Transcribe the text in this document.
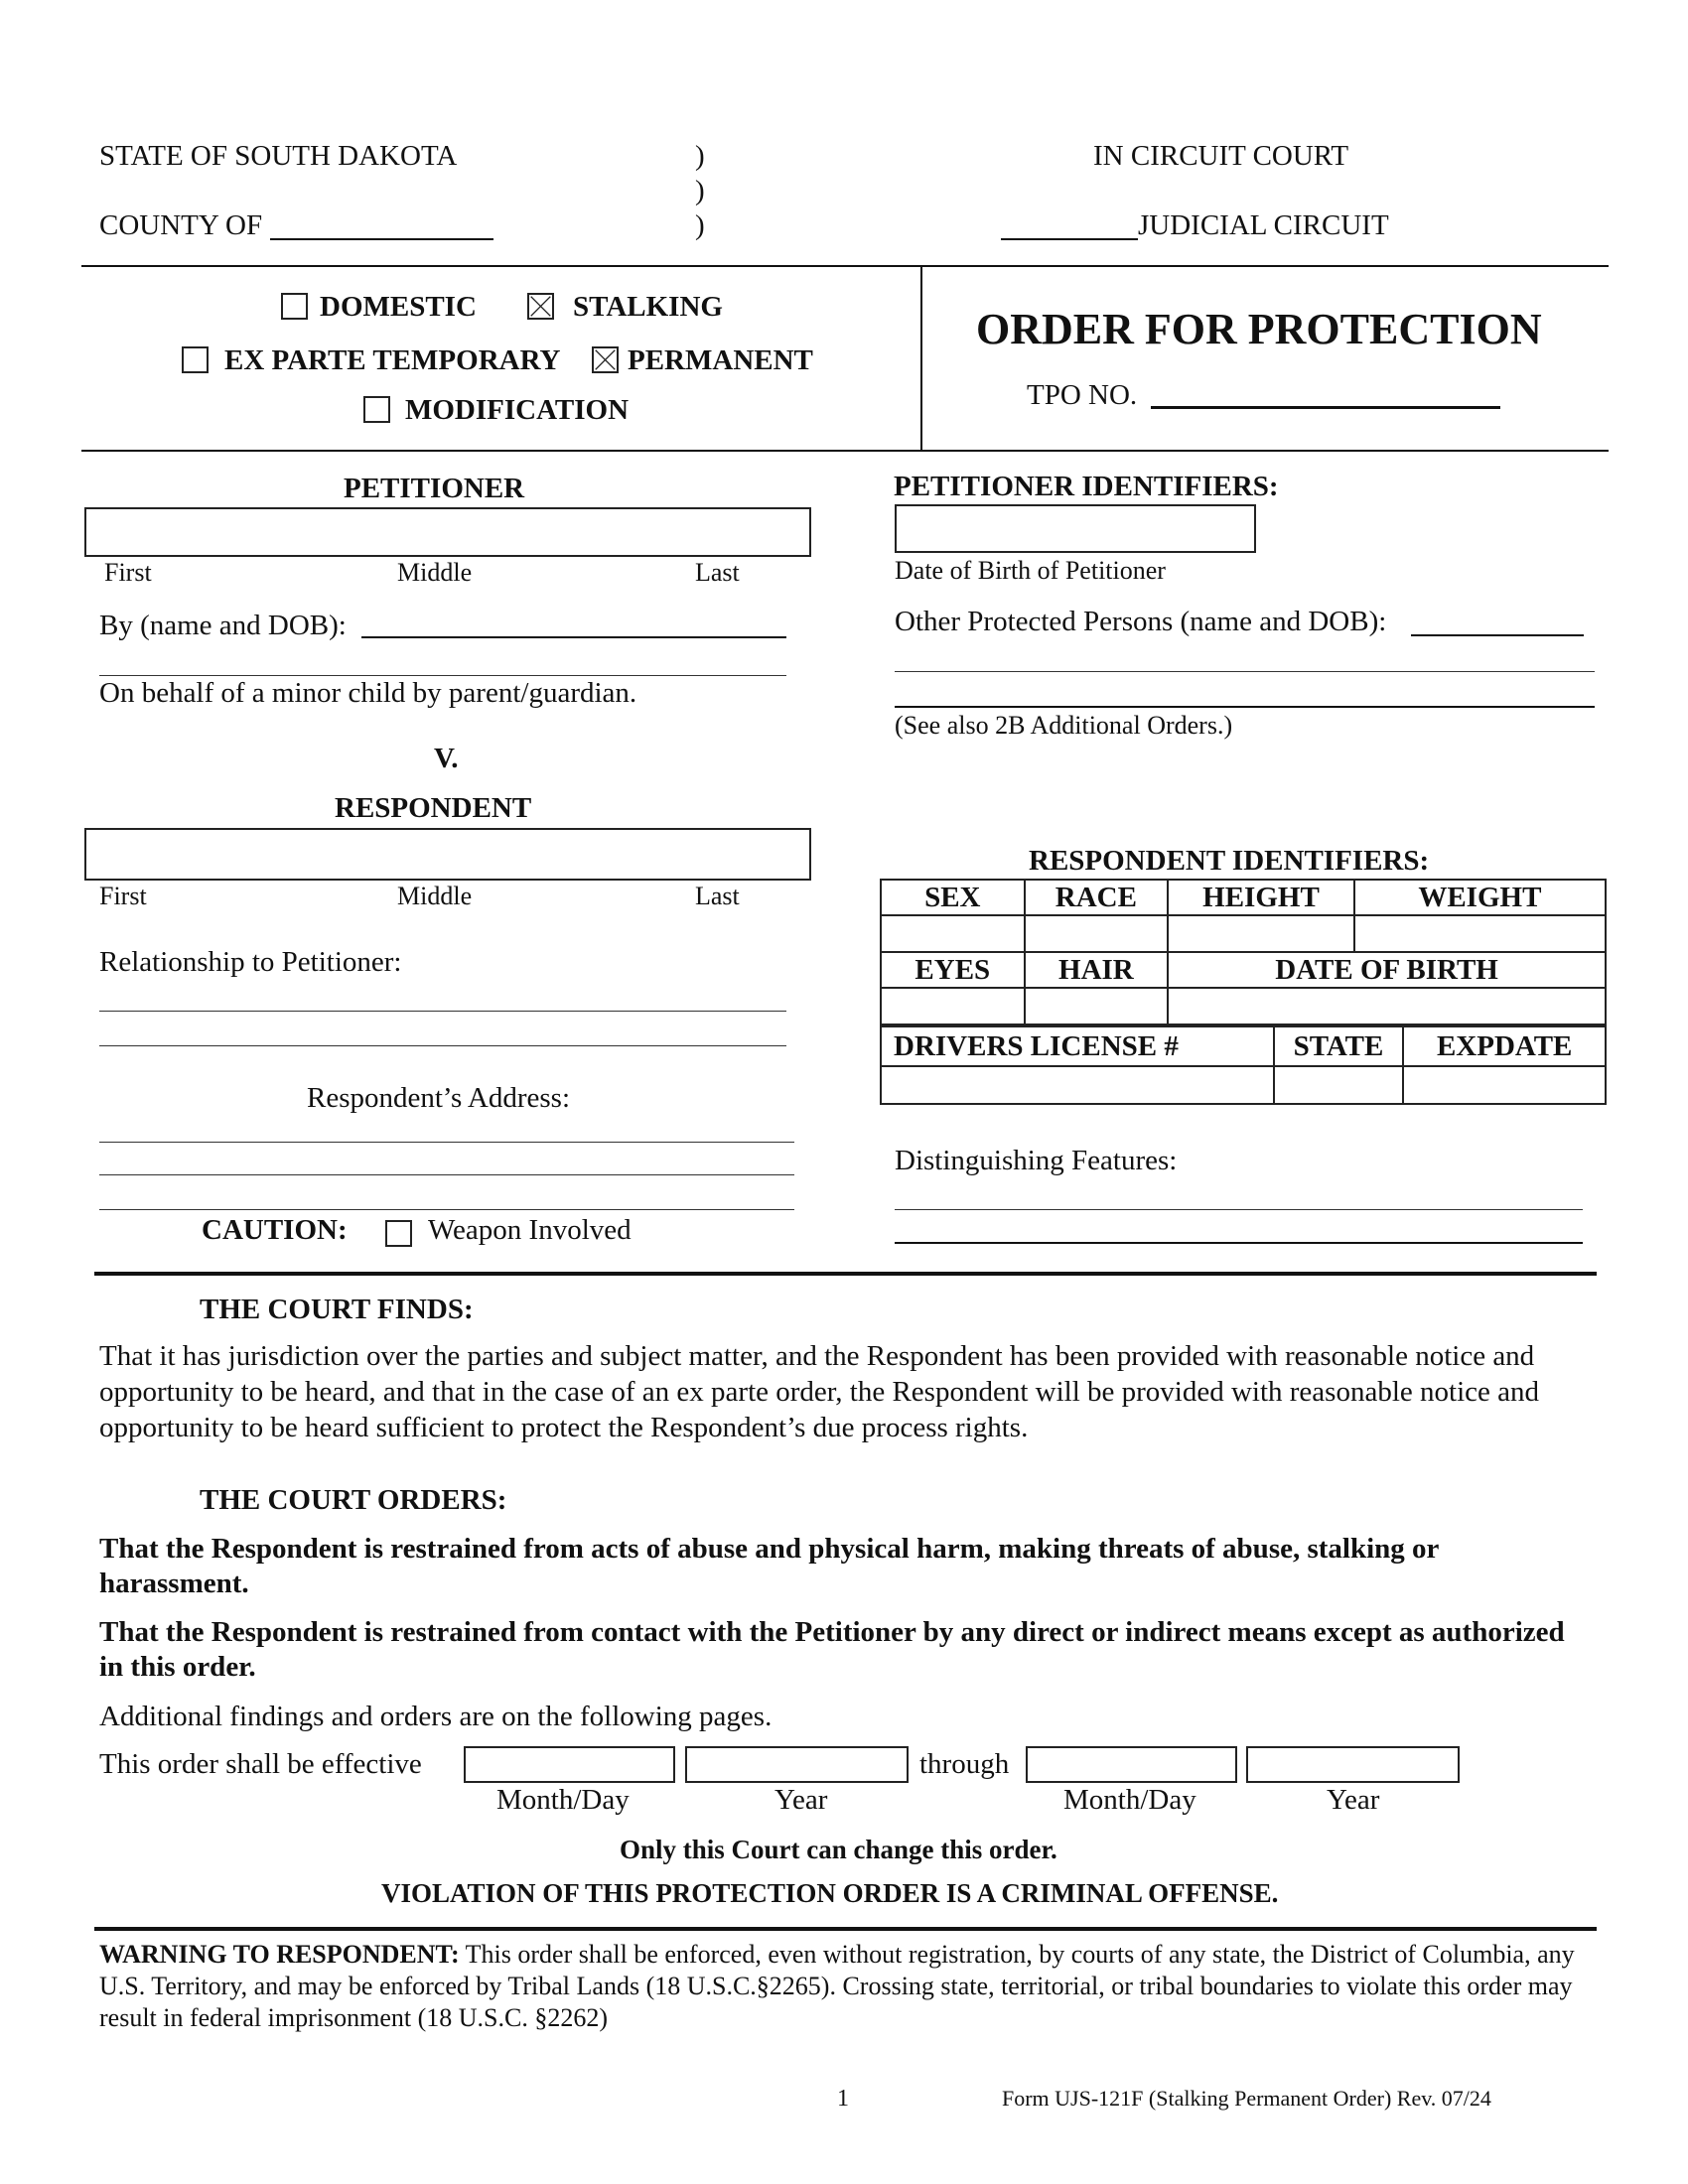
STATE OF SOUTH DAKOTA
COUNTY OF
)
)
)
IN CIRCUIT COURT
JUDICIAL CIRCUIT
DOMESTIC	STALKING
EX PARTE TEMPORARY PERMANENT
MODIFICATION
ORDER FOR PROTECTION
TPO NO.
PETITIONER
First	Middle	Last
By (name and DOB):
On behalf of a minor child by parent/guardian.
V.
RESPONDENT
First	Middle	Last
Relationship to Petitioner:
Respondent’s Address:
CAUTION:	Weapon Involved
PETITIONER IDENTIFIERS:
Date of Birth of Petitioner
Other Protected Persons (name and DOB):
(See also 2B Additional Orders.)
RESPONDENT IDENTIFIERS:
SEX	RACE	HEIGHT	WEIGHT

EYES	HAIR	DATE OF BIRTH	

DRIVERS LICENSE #	STATE	EXPDATE

Distinguishing Features:
THE COURT FINDS:
That it has jurisdiction over the parties and subject matter, and the Respondent has been provided with reasonable notice and opportunity to be heard, and that in the case of an ex parte order, the Respondent will be provided with reasonable notice and opportunity to be heard sufficient to protect the Respondent’s due process rights.
THE COURT ORDERS:
That the Respondent is restrained from acts of abuse and physical harm, making threats of abuse, stalking or harassment.
That the Respondent is restrained from contact with the Petitioner by any direct or indirect means except as authorized in this order.
Additional findings and orders are on the following pages.
This order shall be effective	through
Month/Day	Year	Month/Day	Year
Only this Court can change this order.
VIOLATION OF THIS PROTECTION ORDER IS A CRIMINAL OFFENSE.
WARNING TO RESPONDENT: This order shall be enforced, even without registration, by courts of any state, the District of Columbia, any U.S. Territory, and may be enforced by Tribal Lands (18 U.S.C.§2265). Crossing state, territorial, or tribal boundaries to violate this order may result in federal imprisonment (18 U.S.C. §2262)
1	Form UJS-121F (Stalking Permanent Order) Rev. 07/24
